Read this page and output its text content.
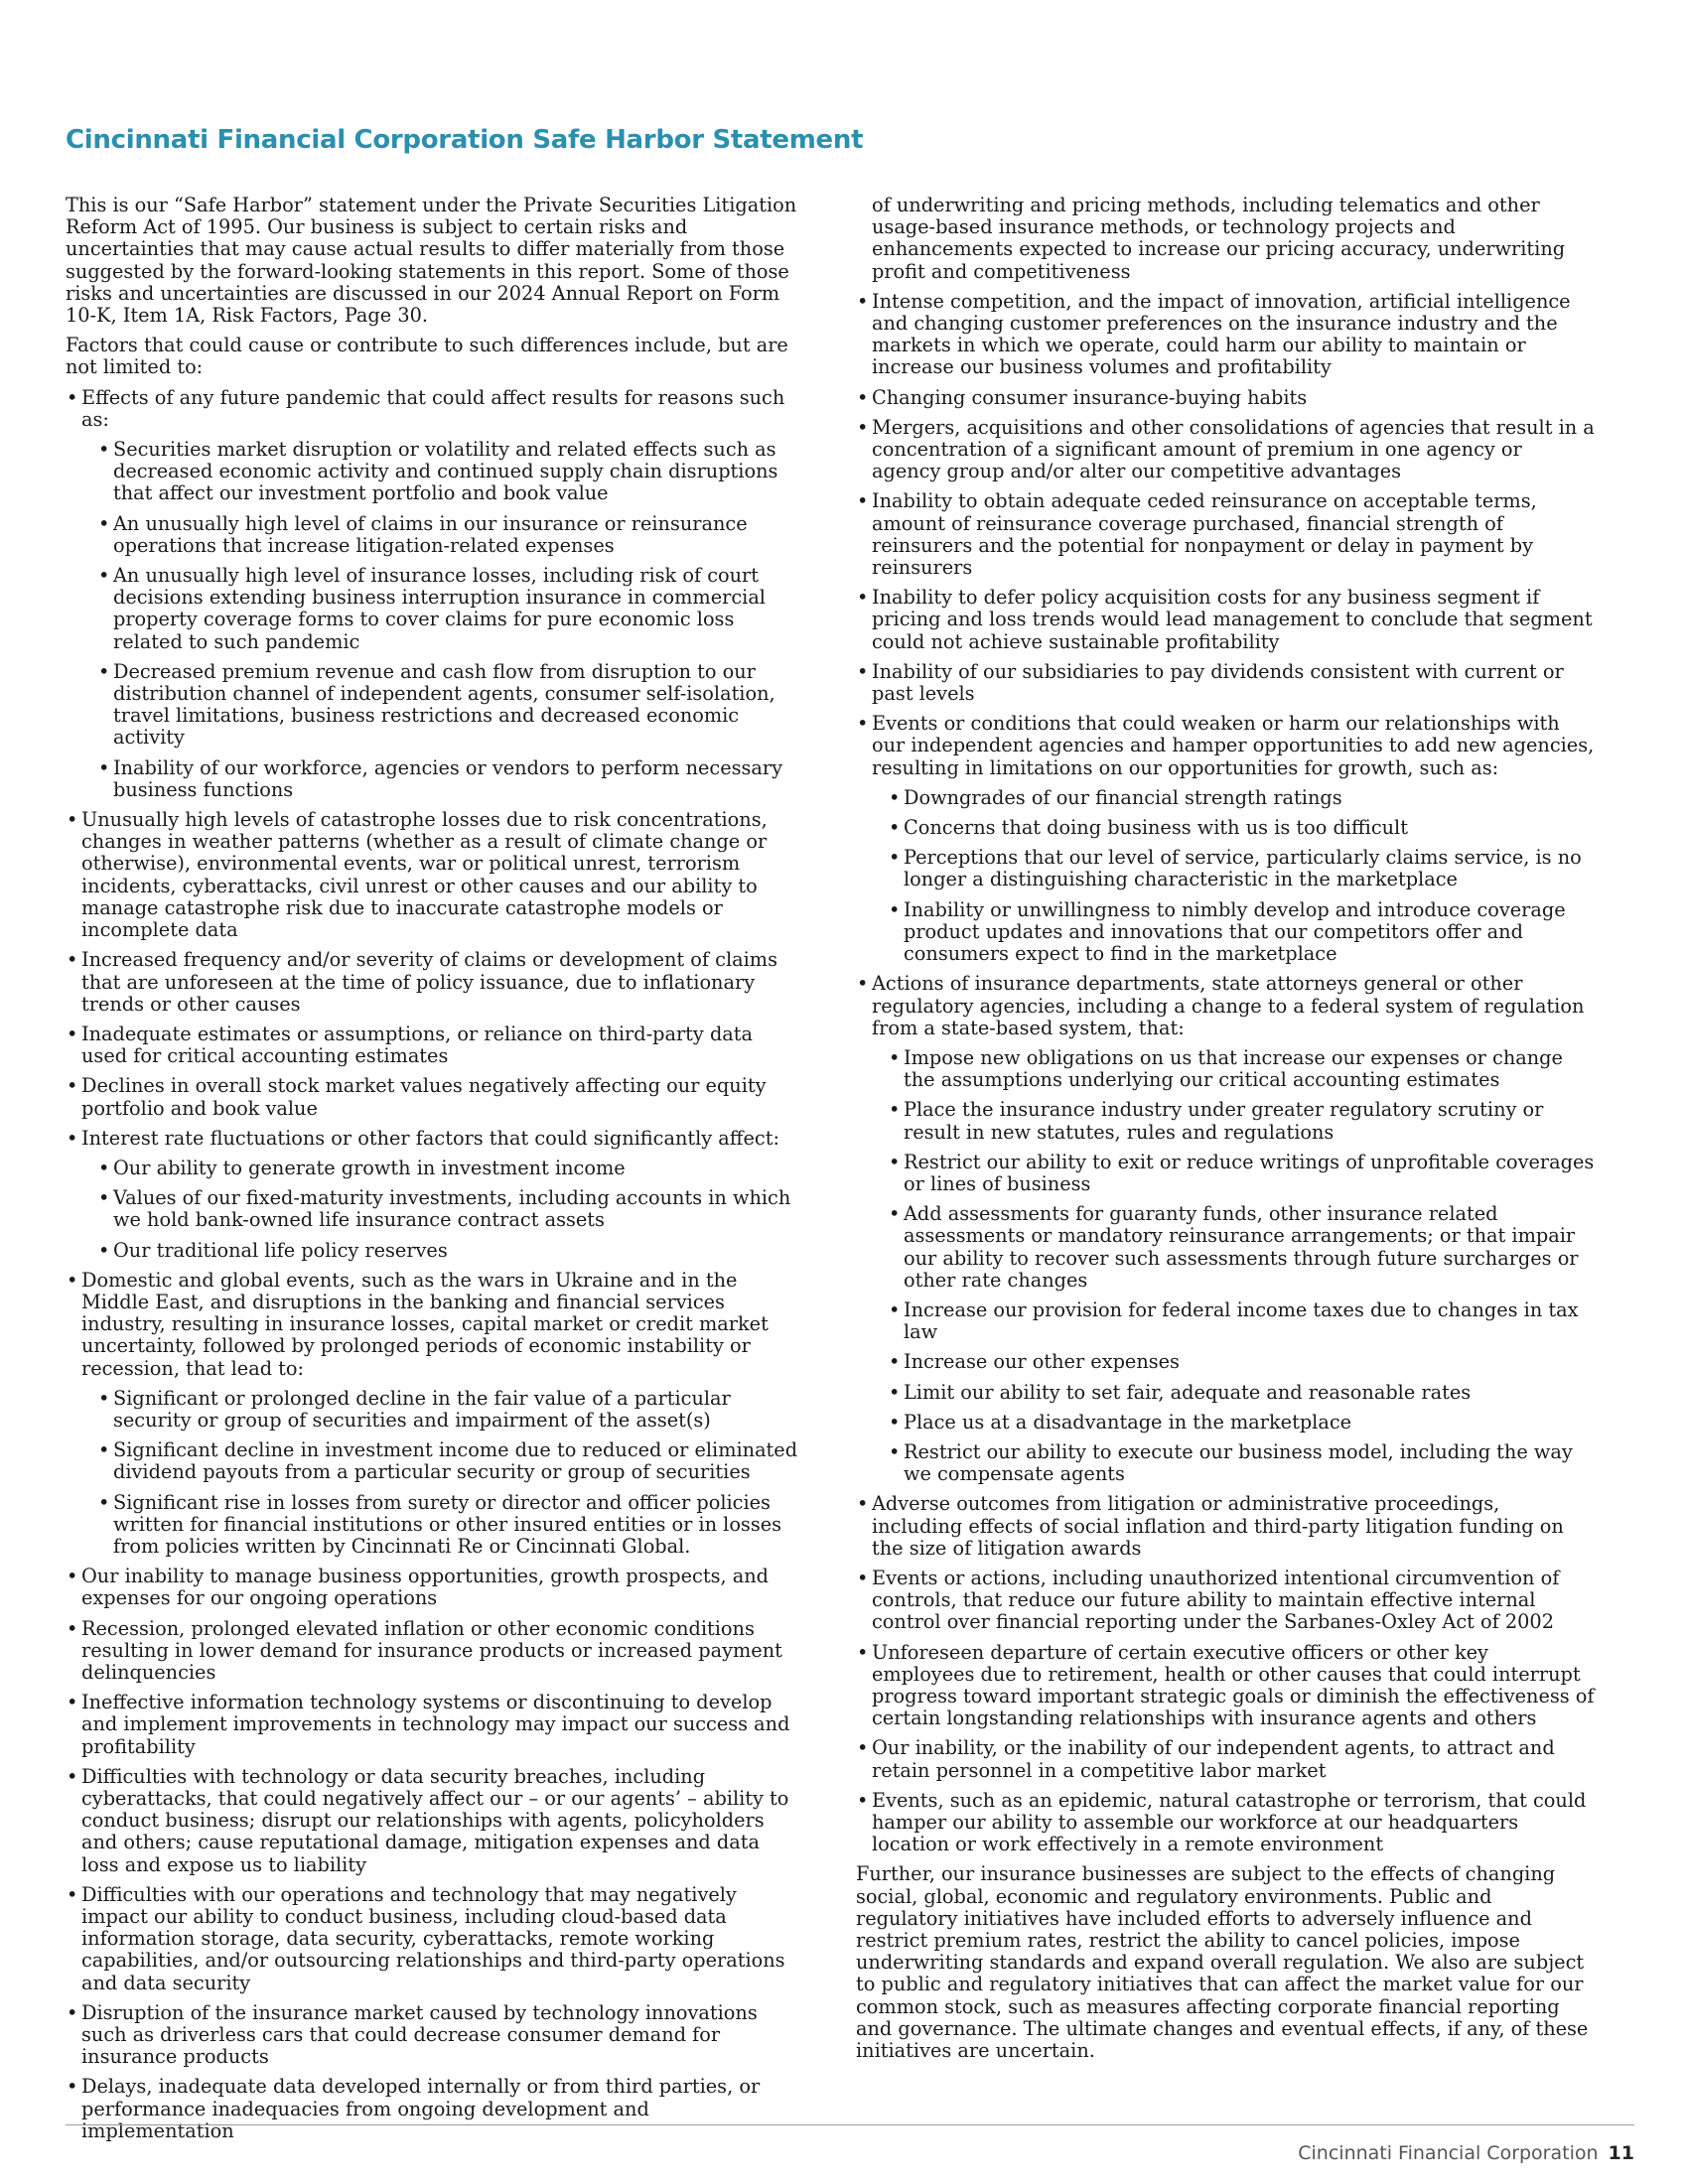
Cincinnati Financial Corporation Safe Harbor Statement

This is our “Safe Harbor” statement under the Private Securities Litigation Reform Act of 1995. Our business is subject to certain risks and uncertainties that may cause actual results to differ materially from those suggested by the forward-looking statements in this report. Some of those risks and uncertainties are discussed in our 2024 Annual Report on Form 10-K, Item 1A, Risk Factors, Page 30.

Factors that could cause or contribute to such differences include, but are not limited to:

• Effects of any future pandemic that could affect results for reasons such as:
• Securities market disruption or volatility and related effects such as decreased economic activity and continued supply chain disruptions that affect our investment portfolio and book value
• An unusually high level of claims in our insurance or reinsurance operations that increase litigation-related expenses
• An unusually high level of insurance losses, including risk of court decisions extending business interruption insurance in commercial property coverage forms to cover claims for pure economic loss related to such pandemic
• Decreased premium revenue and cash flow from disruption to our distribution channel of independent agents, consumer self-isolation, travel limitations, business restrictions and decreased economic activity
• Inability of our workforce, agencies or vendors to perform necessary business functions
• Unusually high levels of catastrophe losses due to risk concentrations, changes in weather patterns (whether as a result of climate change or otherwise), environmental events, war or political unrest, terrorism incidents, cyberattacks, civil unrest or other causes and our ability to manage catastrophe risk due to inaccurate catastrophe models or incomplete data
• Increased frequency and/or severity of claims or development of claims that are unforeseen at the time of policy issuance, due to inflationary trends or other causes
• Inadequate estimates or assumptions, or reliance on third-party data used for critical accounting estimates
• Declines in overall stock market values negatively affecting our equity portfolio and book value
• Interest rate fluctuations or other factors that could significantly affect:
• Our ability to generate growth in investment income
• Values of our fixed-maturity investments, including accounts in which we hold bank-owned life insurance contract assets
• Our traditional life policy reserves
• Domestic and global events, such as the wars in Ukraine and in the Middle East, and disruptions in the banking and financial services industry, resulting in insurance losses, capital market or credit market uncertainty, followed by prolonged periods of economic instability or recession, that lead to:
• Significant or prolonged decline in the fair value of a particular security or group of securities and impairment of the asset(s)
• Significant decline in investment income due to reduced or eliminated dividend payouts from a particular security or group of securities
• Significant rise in losses from surety or director and officer policies written for financial institutions or other insured entities or in losses from policies written by Cincinnati Re or Cincinnati Global.
• Our inability to manage business opportunities, growth prospects, and expenses for our ongoing operations
• Recession, prolonged elevated inflation or other economic conditions resulting in lower demand for insurance products or increased payment delinquencies
• Ineffective information technology systems or discontinuing to develop and implement improvements in technology may impact our success and profitability
• Difficulties with technology or data security breaches, including cyberattacks, that could negatively affect our – or our agents’ – ability to conduct business; disrupt our relationships with agents, policyholders and others; cause reputational damage, mitigation expenses and data loss and expose us to liability
• Difficulties with our operations and technology that may negatively impact our ability to conduct business, including cloud-based data information storage, data security, cyberattacks, remote working capabilities, and/or outsourcing relationships and third-party operations and data security
• Disruption of the insurance market caused by technology innovations such as driverless cars that could decrease consumer demand for insurance products
• Delays, inadequate data developed internally or from third parties, or performance inadequacies from ongoing development and implementation

of underwriting and pricing methods, including telematics and other usage-based insurance methods, or technology projects and enhancements expected to increase our pricing accuracy, underwriting profit and competitiveness

• Intense competition, and the impact of innovation, artificial intelligence and changing customer preferences on the insurance industry and the markets in which we operate, could harm our ability to maintain or increase our business volumes and profitability
• Changing consumer insurance-buying habits
• Mergers, acquisitions and other consolidations of agencies that result in a concentration of a significant amount of premium in one agency or agency group and/or alter our competitive advantages
• Inability to obtain adequate ceded reinsurance on acceptable terms, amount of reinsurance coverage purchased, financial strength of reinsurers and the potential for nonpayment or delay in payment by reinsurers
• Inability to defer policy acquisition costs for any business segment if pricing and loss trends would lead management to conclude that segment could not achieve sustainable profitability
• Inability of our subsidiaries to pay dividends consistent with current or past levels
• Events or conditions that could weaken or harm our relationships with our independent agencies and hamper opportunities to add new agencies, resulting in limitations on our opportunities for growth, such as:
• Downgrades of our financial strength ratings
• Concerns that doing business with us is too difficult
• Perceptions that our level of service, particularly claims service, is no longer a distinguishing characteristic in the marketplace
• Inability or unwillingness to nimbly develop and introduce coverage product updates and innovations that our competitors offer and consumers expect to find in the marketplace
• Actions of insurance departments, state attorneys general or other regulatory agencies, including a change to a federal system of regulation from a state-based system, that:
• Impose new obligations on us that increase our expenses or change the assumptions underlying our critical accounting estimates
• Place the insurance industry under greater regulatory scrutiny or result in new statutes, rules and regulations
• Restrict our ability to exit or reduce writings of unprofitable coverages or lines of business
• Add assessments for guaranty funds, other insurance related assessments or mandatory reinsurance arrangements; or that impair our ability to recover such assessments through future surcharges or other rate changes
• Increase our provision for federal income taxes due to changes in tax law
• Increase our other expenses
• Limit our ability to set fair, adequate and reasonable rates
• Place us at a disadvantage in the marketplace
• Restrict our ability to execute our business model, including the way we compensate agents
• Adverse outcomes from litigation or administrative proceedings, including effects of social inflation and third-party litigation funding on the size of litigation awards
• Events or actions, including unauthorized intentional circumvention of controls, that reduce our future ability to maintain effective internal control over financial reporting under the Sarbanes-Oxley Act of 2002
• Unforeseen departure of certain executive officers or other key employees due to retirement, health or other causes that could interrupt progress toward important strategic goals or diminish the effectiveness of certain longstanding relationships with insurance agents and others
• Our inability, or the inability of our independent agents, to attract and retain personnel in a competitive labor market
• Events, such as an epidemic, natural catastrophe or terrorism, that could hamper our ability to assemble our workforce at our headquarters location or work effectively in a remote environment

Further, our insurance businesses are subject to the effects of changing social, global, economic and regulatory environments. Public and regulatory initiatives have included efforts to adversely influence and restrict premium rates, restrict the ability to cancel policies, impose underwriting standards and expand overall regulation. We also are subject to public and regulatory initiatives that can affect the market value for our common stock, such as measures affecting corporate financial reporting and governance. The ultimate changes and eventual effects, if any, of these initiatives are uncertain.

Cincinnati Financial Corporation 11
